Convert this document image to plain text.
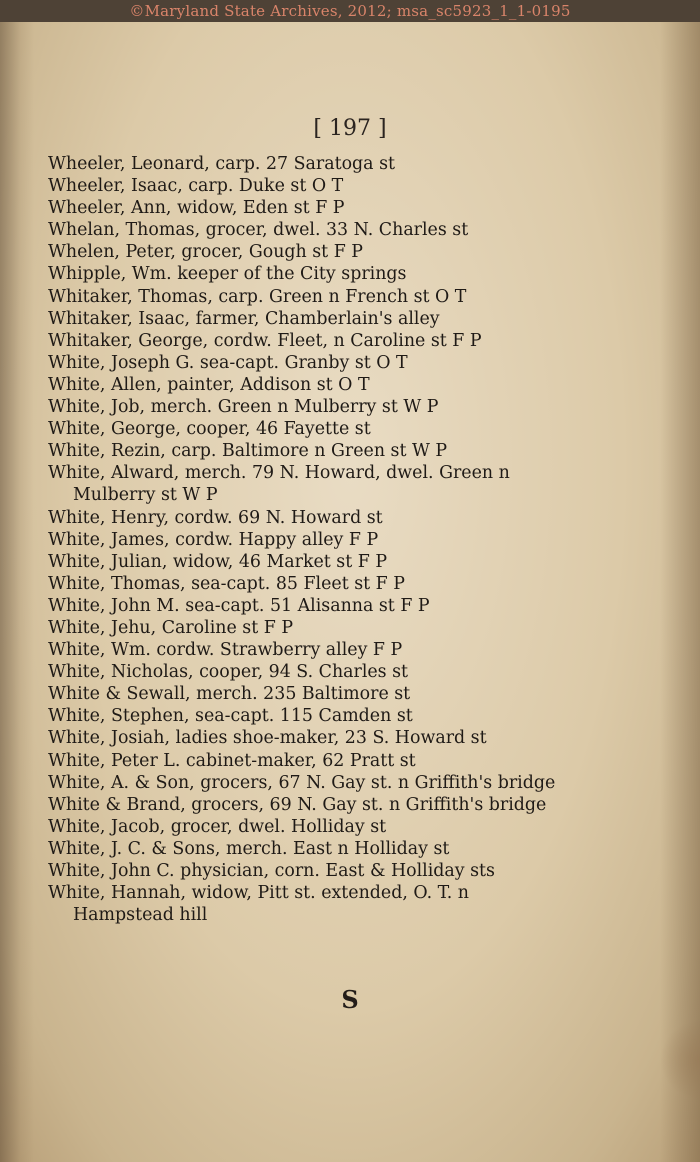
©Maryland State Archives, 2012; msa_sc5923_1_1-0195
[ 197 ]
Wheeler, Leonard, carp. 27 Saratoga st
Wheeler, Isaac, carp. Duke st O T
Wheeler, Ann, widow, Eden st F P
Whelan, Thomas, grocer, dwel. 33 N. Charles st
Whelen, Peter, grocer, Gough st F P
Whipple, Wm. keeper of the City springs
Whitaker, Thomas, carp. Green n French st O T
Whitaker, Isaac, farmer, Chamberlain's alley
Whitaker, George, cordw. Fleet, n Caroline st F P
White, Joseph G. sea-capt. Granby st O T
White, Allen, painter, Addison st O T
White, Job, merch. Green n Mulberry st W P
White, George, cooper, 46 Fayette st
White, Rezin, carp. Baltimore n Green st W P
White, Alward, merch. 79 N. Howard, dwel. Green n Mulberry st W P
White, Henry, cordw. 69 N. Howard st
White, James, cordw. Happy alley F P
White, Julian, widow, 46 Market st F P
White, Thomas, sea-capt. 85 Fleet st F P
White, John M. sea-capt. 51 Alisanna st F P
White, Jehu, Caroline st F P
White, Wm. cordw. Strawberry alley F P
White, Nicholas, cooper, 94 S. Charles st
White & Sewall, merch. 235 Baltimore st
White, Stephen, sea-capt. 115 Camden st
White, Josiah, ladies shoe-maker, 23 S. Howard st
White, Peter L. cabinet-maker, 62 Pratt st
White, A. & Son, grocers, 67 N. Gay st. n Griffith's bridge
White & Brand, grocers, 69 N. Gay st. n Griffith's bridge
White, Jacob, grocer, dwel. Holliday st
White, J. C. & Sons, merch. East n Holliday st
White, John C. physician, corn. East & Holliday sts
White, Hannah, widow, Pitt st. extended, O. T. n Hampstead hill
S
